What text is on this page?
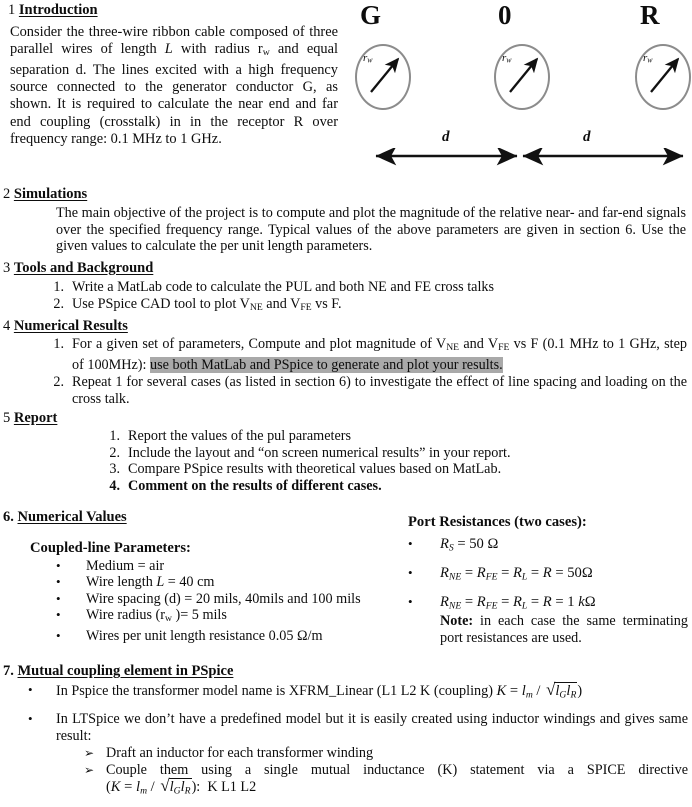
1 Introduction
Consider the three-wire ribbon cable composed of three parallel wires of length L with radius $r_w$ and equal separation d. The lines excited with a high frequency source connected to the generator conductor G, as shown. It is required to calculate the near end and far end coupling (crosstalk) in in the receptor R over frequency range: 0.1 MHz to 1 GHz.
G	0	R
$r_w$	$r_w$	$r_w$
d	d
2 Simulations
The main objective of the project is to compute and plot the magnitude of the relative near- and far-end signals over the specified frequency range. Typical values of the above parameters are given in section 6. Use the given values to calculate the per unit length parameters.
3 Tools and Background
1. Write a MatLab code to calculate the PUL and both NE and FE cross talks
2. Use PSpice CAD tool to plot $V_{NE}$ and $V_{FE}$ vs F.
4 Numerical Results
1. For a given set of parameters, Compute and plot magnitude of $V_{NE}$ and $V_{FE}$ vs F (0.1 MHz to 1 GHz, step of 100MHz): use both MatLab and PSpice to generate and plot your results.
2. Repeat 1 for several cases (as listed in section 6) to investigate the effect of line spacing and loading on the cross talk.
5 Report
1. Report the values of the pul parameters
2. Include the layout and “on screen numerical results” in your report.
3. Compare PSpice results with theoretical values based on MatLab.
4. Comment on the results of different cases.
6. Numerical Values
Coupled-line Parameters:
• Medium = air
• Wire length L = 40 cm
• Wire spacing (d) = 20 mils, 40mils and 100 mils
• Wire radius ($r_w$ )= 5 mils
• Wires per unit length resistance 0.05 Ω/m
Port Resistances (two cases):
• $R_S = 50$ Ω
• $R_{NE} = R_{FE} = R_L = R = 50\Omega$
• $R_{NE} = R_{FE} = R_L = R = 1$ kΩ
Note: in each case the same terminating port resistances are used.
7. Mutual coupling element in PSpice
• In Pspice the transformer model name is XFRM_Linear (L1 L2 K (coupling) $K = l_m / √l_Gl_R$)
• In LTSpice we don’t have a predefined model but it is easily created using inductor windings and gives same result:
➢ Draft an inductor for each transformer winding
➢ Couple them using a single mutual inductance (K) statement via a SPICE directive
$(K = l_m / √l_Gl_R)$: K L1 L2
